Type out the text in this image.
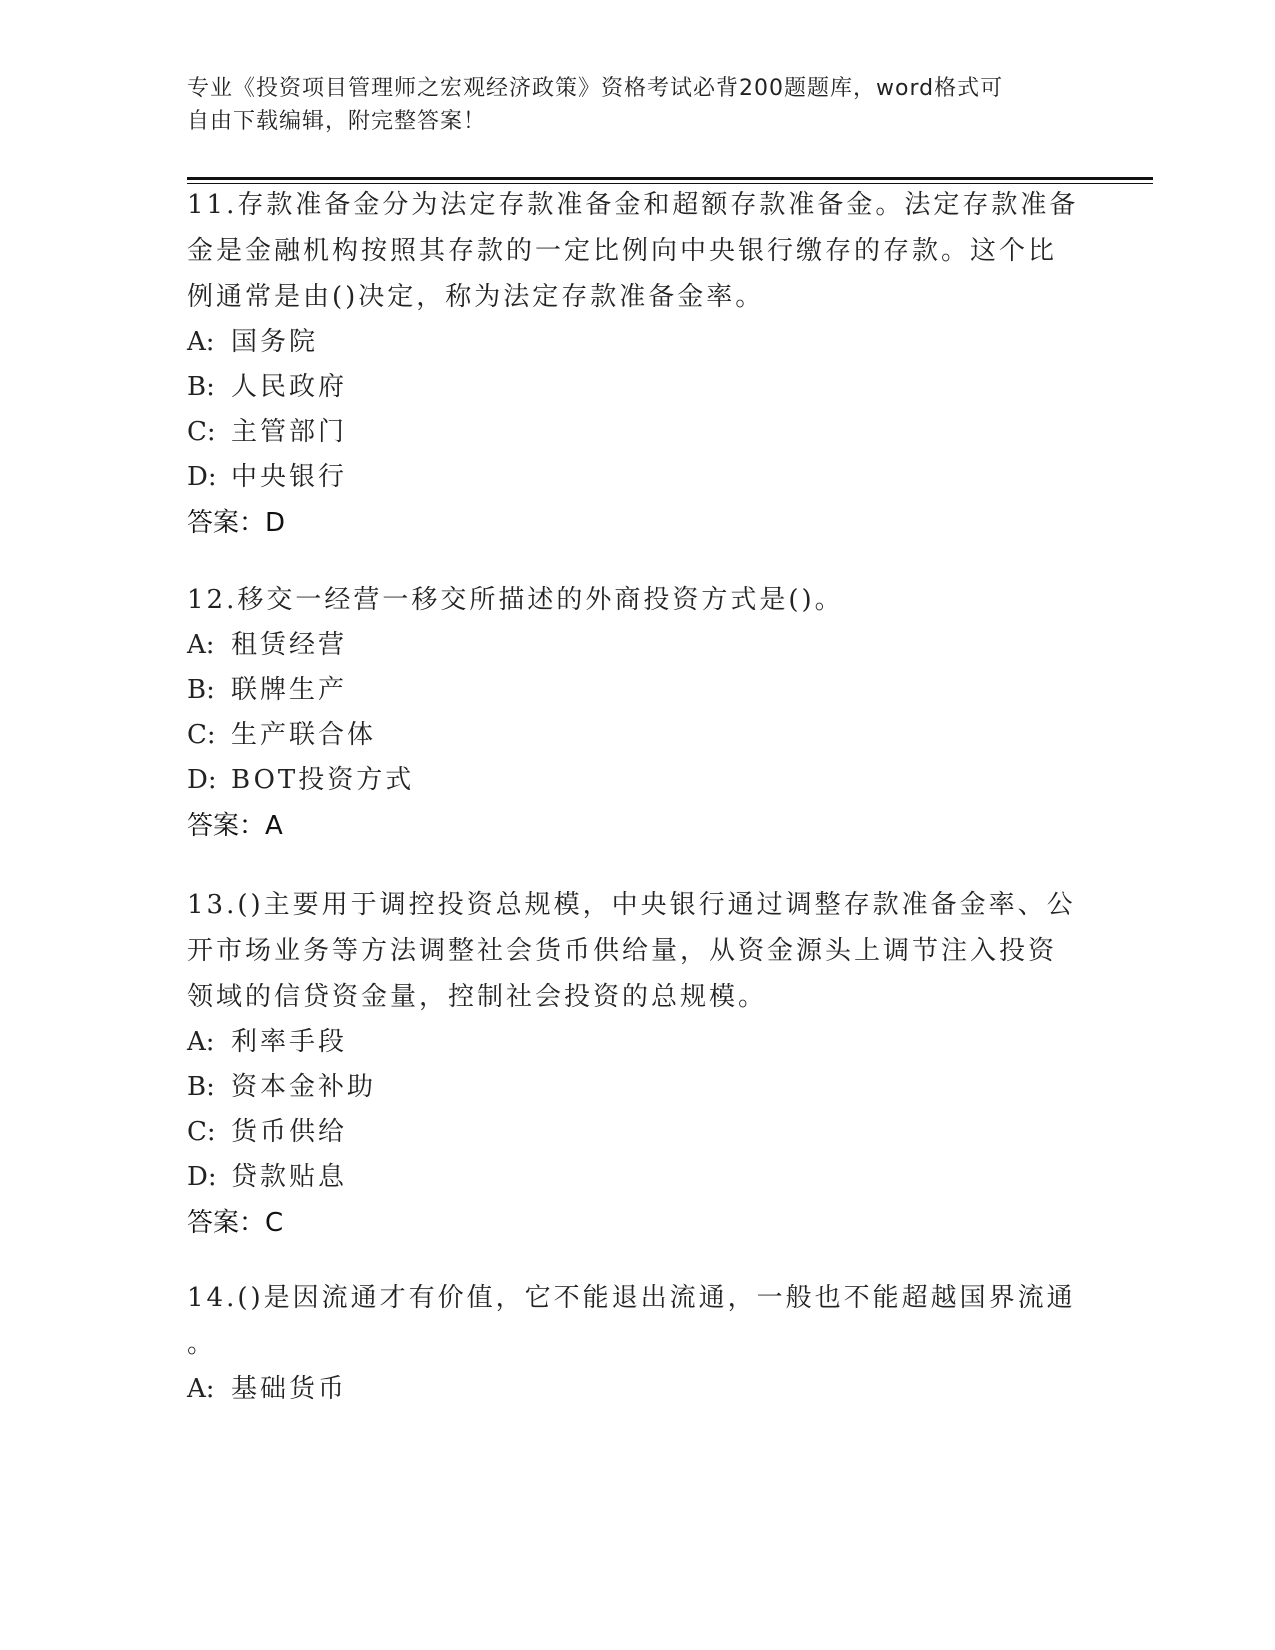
专业《投资项目管理师之宏观经济政策》资格考试必背200题题库，word格式可
自由下载编辑，附完整答案！
11.存款准备金分为法定存款准备金和超额存款准备金。法定存款准备
金是金融机构按照其存款的一定比例向中央银行缴存的存款。这个比
例通常是由()决定，称为法定存款准备金率。
A: 国务院
B: 人民政府
C: 主管部门
D: 中央银行
答案：D
12.移交一经营一移交所描述的外商投资方式是()。
A: 租赁经营
B: 联牌生产
C: 生产联合体
D: BOT投资方式
答案：A
13.()主要用于调控投资总规模，中央银行通过调整存款准备金率、公
开市场业务等方法调整社会货币供给量，从资金源头上调节注入投资
领域的信贷资金量，控制社会投资的总规模。
A: 利率手段
B: 资本金补助
C: 货币供给
D: 贷款贴息
答案：C
14.()是因流通才有价值，它不能退出流通，一般也不能超越国界流通
。
A: 基础货币
